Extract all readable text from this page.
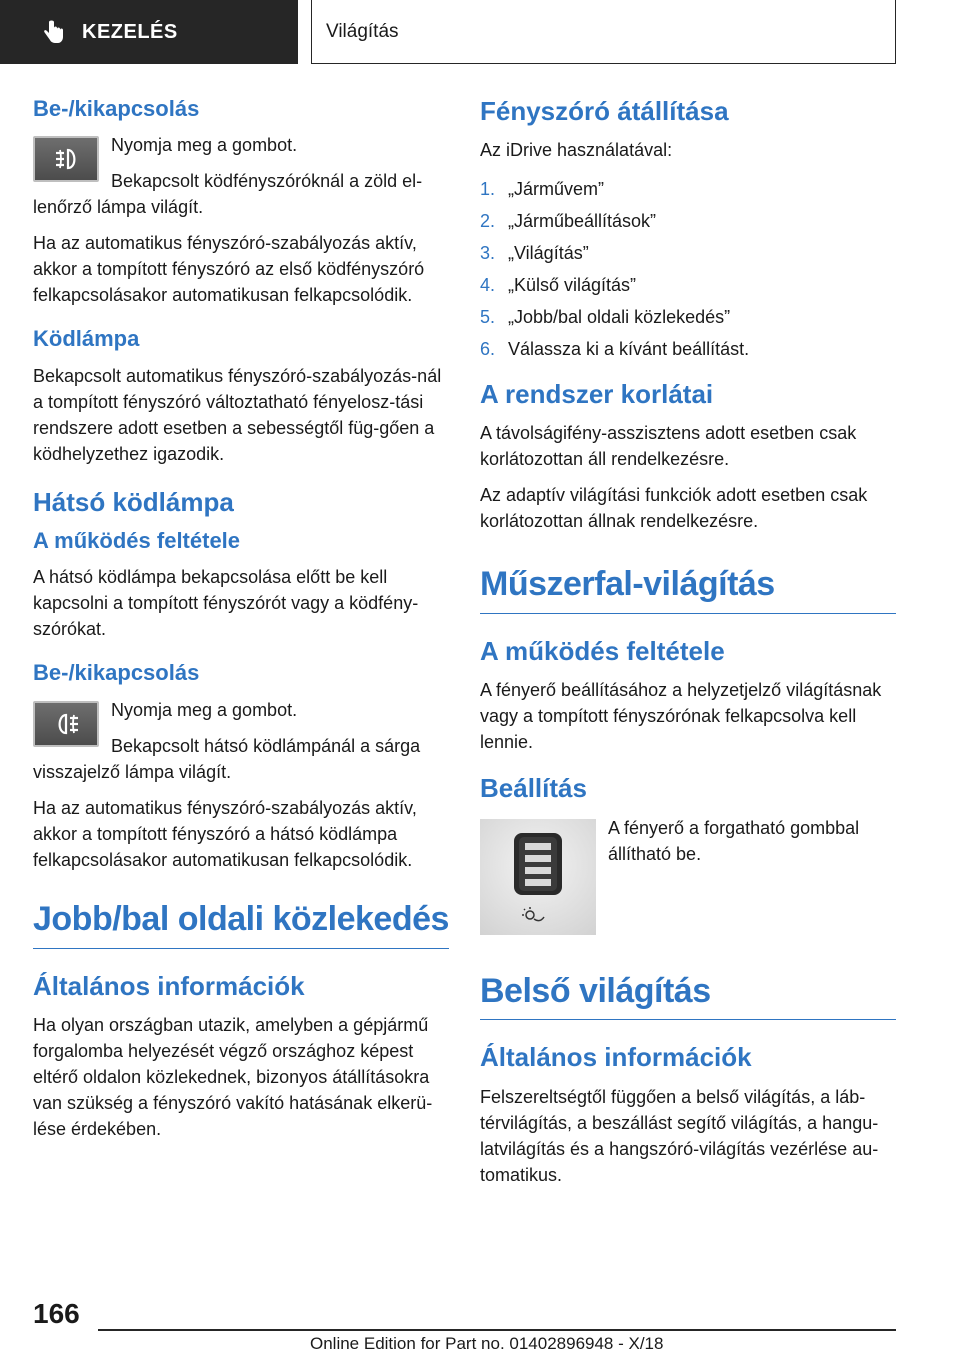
KEZELÉS	Világítás
Be-/kikapcsolás

Nyomja meg a gombot.

Bekapcsolt ködfényszóróknál a zöld el-lenőrző lámpa világít.

Ha az automatikus fényszóró-szabályozás aktív, akkor a tompított fényszóró az első ködfényszóró felkapcsolásakor automatikusan felkapcsolódik.

Ködlámpa

Bekapcsolt automatikus fényszóró-szabályozás-nál a tompított fényszóró változtatható fényelosz-tási rendszere adott esetben a sebességtől füg-gően a ködhelyzethez igazodik.

Hátsó ködlámpa
A működés feltétele

A hátsó ködlámpa bekapcsolása előtt be kell kapcsolni a tompított fényszórót vagy a ködfény-szórókat.

Be-/kikapcsolás

Nyomja meg a gombot.

Bekapcsolt hátsó ködlámpánál a sárga visszajelző lámpa világít.

Ha az automatikus fényszóró-szabályozás aktív, akkor a tompított fényszóró a hátsó ködlámpa felkapcsolásakor automatikusan felkapcsolódik.

Jobb/bal oldali közlekedés
Általános információk

Ha olyan országban utazik, amelyben a gépjármű forgalomba helyezését végző országhoz képest eltérő oldalon közlekednek, bizonyos átállításokra van szükség a fényszóró vakító hatásának elkerü-lése érdekében.

Fényszóró átállítása

Az iDrive használatával:

1. „Járművem”
2. „Járműbeállítások”
3. „Világítás”
4. „Külső világítás”
5. „Jobb/bal oldali közlekedés”
6. Válassza ki a kívánt beállítást.
A rendszer korlátai

A távolságifény-asszisztens adott esetben csak korlátozottan áll rendelkezésre.

Az adaptív világítási funkciók adott esetben csak korlátozottan állnak rendelkezésre.

Műszerfal-világítás
A működés feltétele

A fényerő beállításához a helyzetjelző világításnak vagy a tompított fényszórónak felkapcsolva kell lennie.

Beállítás

A fényerő a forgatható gombbal állítható be.

Belső világítás
Általános információk

Felszereltségtől függően a belső világítás, a láb-térvilágítás, a beszállást segítő világítás, a hangu-latvilágítás és a hangszóró-világítás vezérlése au-tomatikus.

166
Online Edition for Part no. 01402896948 - X/18
